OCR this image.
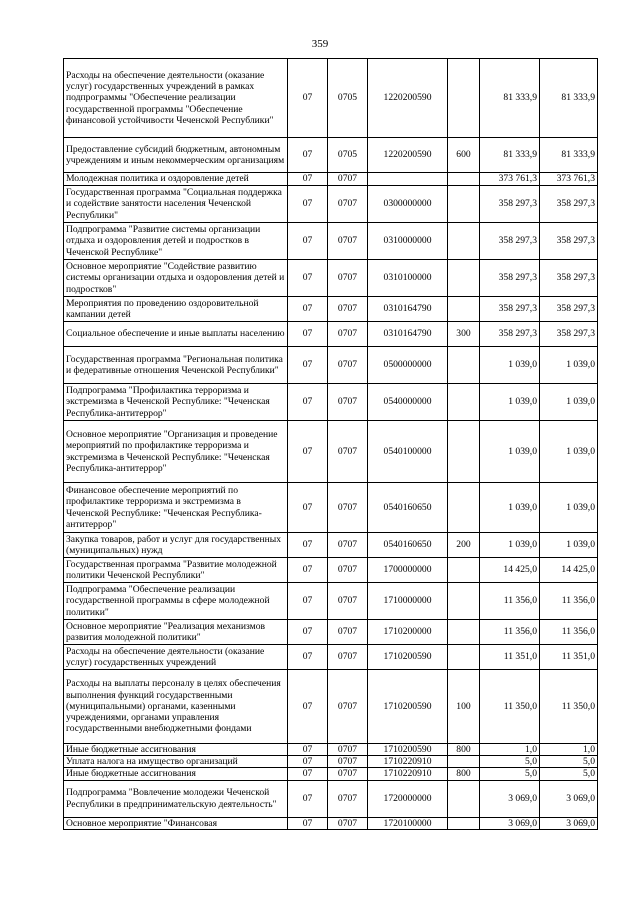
359
Расходы на обеспечение деятельности (оказание услуг) государственных учреждений в рамках подпрограммы "Обеспечение реализации государственной программы "Обеспечение финансовой устойчивости Чеченской Республики"	07	0705	1220200590		81 333,9	81 333,9
Предоставление субсидий бюджетным, автономным учреждениям и иным некоммерческим организациям	07	0705	1220200590	600	81 333,9	81 333,9
Молодежная политика и оздоровление детей	07	0707			373 761,3	373 761,3
Государственная программа "Социальная поддержка и содействие занятости населения Чеченской Республики"	07	0707	0300000000		358 297,3	358 297,3
Подпрограмма "Развитие системы организации отдыха и оздоровления детей и подростков в Чеченской Республике"	07	0707	0310000000		358 297,3	358 297,3
Основное мероприятие "Содействие развитию системы организации отдыха и оздоровления детей и подростков"	07	0707	0310100000		358 297,3	358 297,3
Мероприятия по проведению оздоровительной кампании детей	07	0707	0310164790		358 297,3	358 297,3
Социальное обеспечение и иные выплаты населению	07	0707	0310164790	300	358 297,3	358 297,3
Государственная программа "Региональная политика и федеративные отношения Чеченской Республики"	07	0707	0500000000		1 039,0	1 039,0
Подпрограмма "Профилактика терроризма и экстремизма в Чеченской Республике: "Чеченская Республика-антитеррор"	07	0707	0540000000		1 039,0	1 039,0
Основное мероприятие "Организация и проведение мероприятий по профилактике терроризма и экстремизма в Чеченской Республике: "Чеченская Республика-антитеррор"	07	0707	0540100000		1 039,0	1 039,0
Финансовое обеспечение мероприятий по профилактике терроризма и экстремизма в Чеченской Республике: "Чеченская Республика-антитеррор"	07	0707	0540160650		1 039,0	1 039,0
Закупка товаров, работ и услуг для государственных (муниципальных) нужд	07	0707	0540160650	200	1 039,0	1 039,0
Государственная программа "Развитие молодежной политики Чеченской Республики"	07	0707	1700000000		14 425,0	14 425,0
Подпрограмма "Обеспечение реализации государственной программы в сфере молодежной политики"	07	0707	1710000000		11 356,0	11 356,0
Основное мероприятие "Реализация механизмов развития молодежной политики"	07	0707	1710200000		11 356,0	11 356,0
Расходы на обеспечение деятельности (оказание услуг) государственных учреждений	07	0707	1710200590		11 351,0	11 351,0
Расходы на выплаты персоналу в целях обеспечения выполнения функций государственными (муниципальными) органами, казенными учреждениями, органами управления государственными внебюджетными фондами	07	0707	1710200590	100	11 350,0	11 350,0
Иные бюджетные ассигнования	07	0707	1710200590	800	1,0	1,0
Уплата налога на имущество организаций	07	0707	1710220910		5,0	5,0
Иные бюджетные ассигнования	07	0707	1710220910	800	5,0	5,0
Подпрограмма "Вовлечение молодежи Чеченской Республики в предпринимательскую деятельность"	07	0707	1720000000		3 069,0	3 069,0
Основное мероприятие "Финансовая	07	0707	1720100000		3 069,0	3 069,0
